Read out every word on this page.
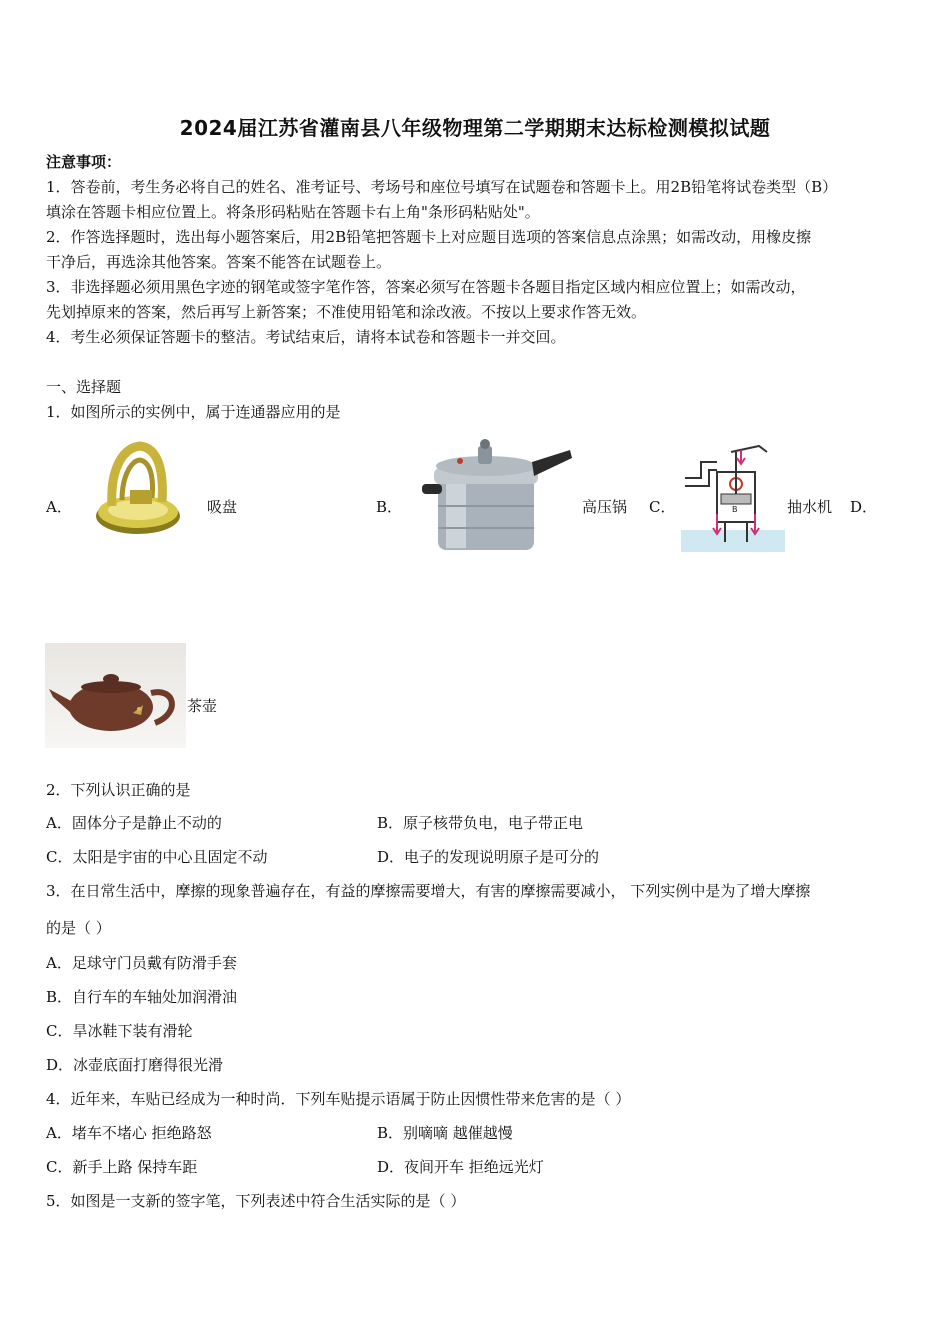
2024届江苏省灌南县八年级物理第二学期期末达标检测模拟试题
注意事项：
1．答卷前，考生务必将自己的姓名、准考证号、考场号和座位号填写在试题卷和答题卡上。用2B铅笔将试卷类型（B）
填涂在答题卡相应位置上。将条形码粘贴在答题卡右上角"条形码粘贴处"。
2．作答选择题时，选出每小题答案后，用2B铅笔把答题卡上对应题目选项的答案信息点涂黑；如需改动，用橡皮擦
干净后，再选涂其他答案。答案不能答在试题卷上。
3．非选择题必须用黑色字迹的钢笔或签字笔作答，答案必须写在答题卡各题目指定区域内相应位置上；如需改动，
先划掉原来的答案，然后再写上新答案；不准使用铅笔和涂改液。不按以上要求作答无效。
4．考生必须保证答题卡的整洁。考试结束后，请将本试卷和答题卡一并交回。
一、选择题
1．如图所示的实例中，属于连通器应用的是
A．	吸盘	B．	高压锅 C．	B	抽水机 D．
茶壶
2．下列认识正确的是
A．固体分子是静止不动的	B．原子核带负电，电子带正电
C．太阳是宇宙的中心且固定不动	D．电子的发现说明原子是可分的
3．在日常生活中，摩擦的现象普遍存在，有益的摩擦需要增大，有害的摩擦需要减小， 下列实例中是为了增大摩擦
的是（ ）
A．足球守门员戴有防滑手套
B．自行车的车轴处加润滑油
C．旱冰鞋下装有滑轮
D．冰壶底面打磨得很光滑
4．近年来，车贴已经成为一种时尚．下列车贴提示语属于防止因惯性带来危害的是（ ）
A．堵车不堵心 拒绝路怒	B．别嘀嘀 越催越慢
C．新手上路 保持车距	D．夜间开车 拒绝远光灯
5．如图是一支新的签字笔，下列表述中符合生活实际的是（ ）
